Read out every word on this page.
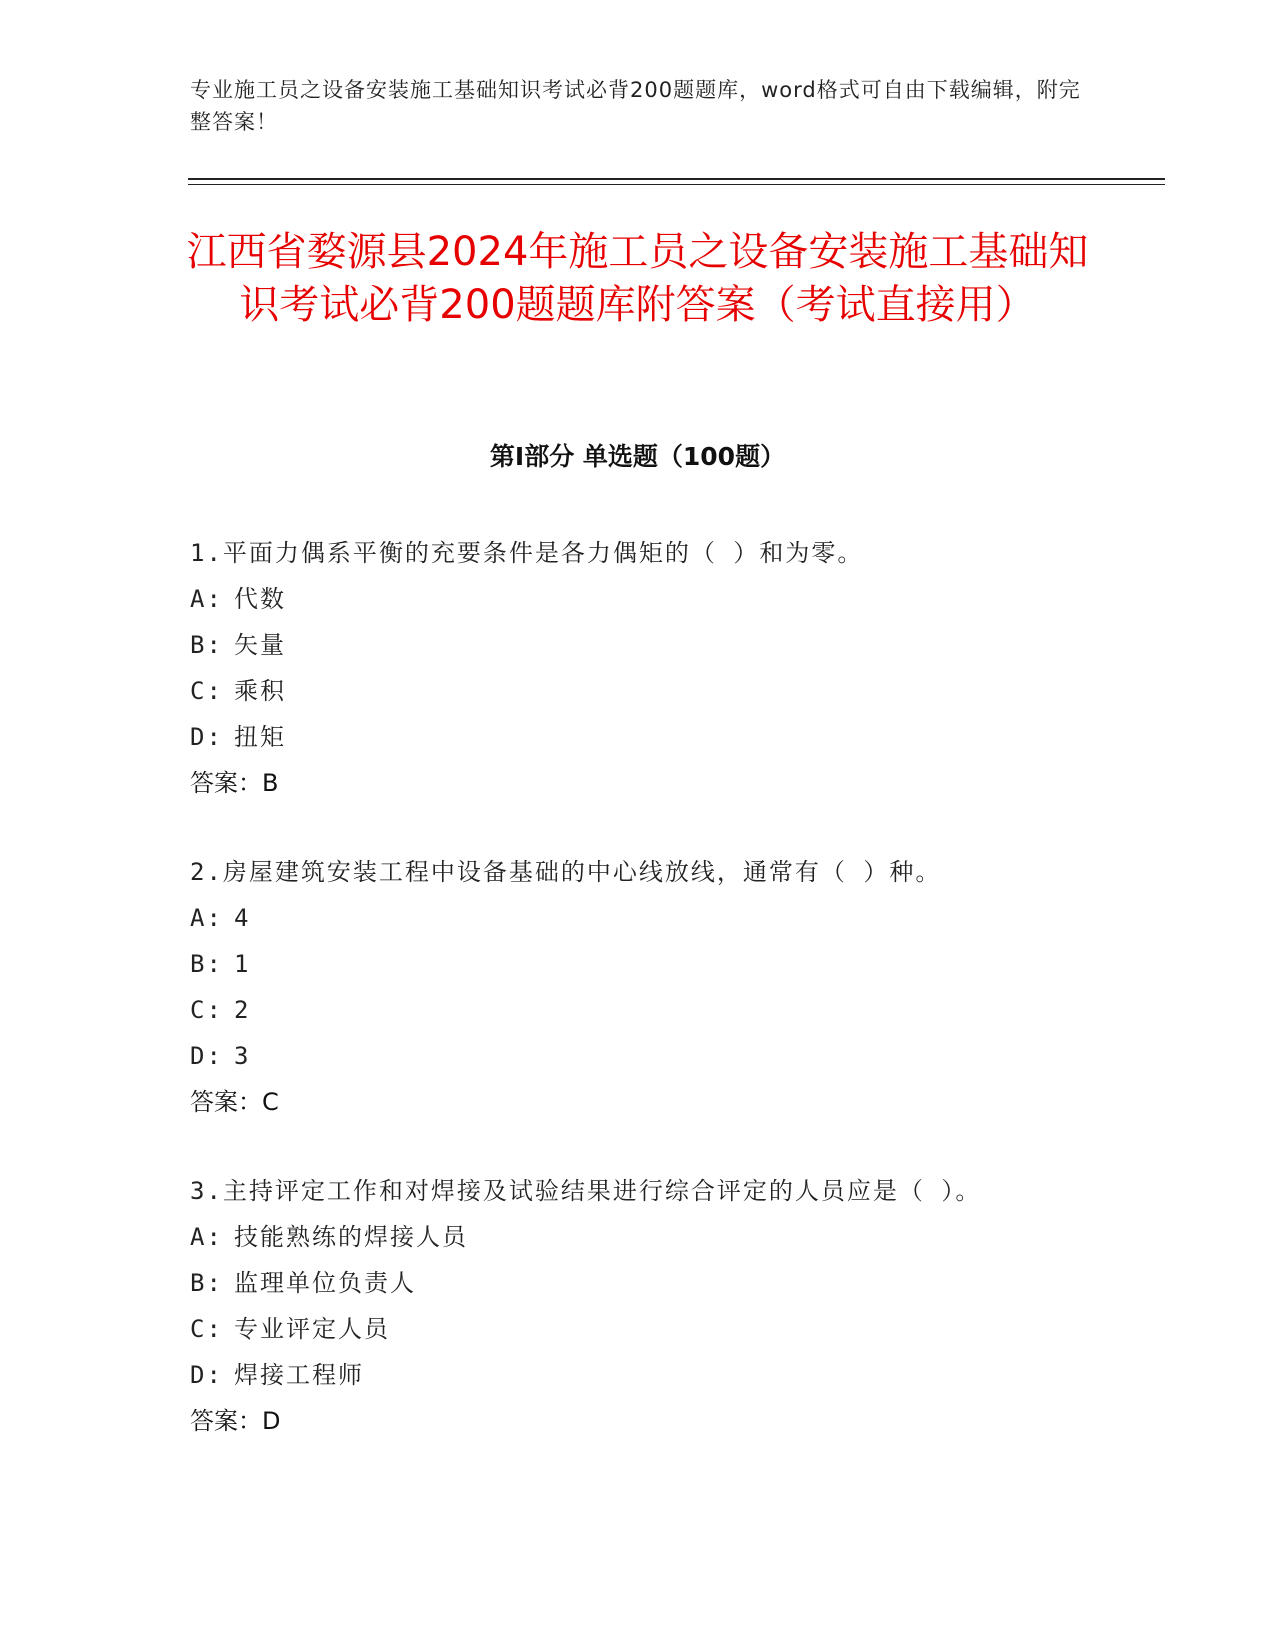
专业施工员之设备安装施工基础知识考试必背200题题库，word格式可自由下载编辑，附完整答案！
江西省婺源县2024年施工员之设备安装施工基础知识考试必背200题题库附答案（考试直接用）
第I部分 单选题（100题）
1.平面力偶系平衡的充要条件是各力偶矩的（ ）和为零。
A: 代数
B: 矢量
C: 乘积
D: 扭矩
答案： B
2.房屋建筑安装工程中设备基础的中心线放线，通常有（ ）种。
A: 4
B: 1
C: 2
D: 3
答案： C
3.主持评定工作和对焊接及试验结果进行综合评定的人员应是（ ）。
A: 技能熟练的焊接人员
B: 监理单位负责人
C: 专业评定人员
D: 焊接工程师
答案： D
